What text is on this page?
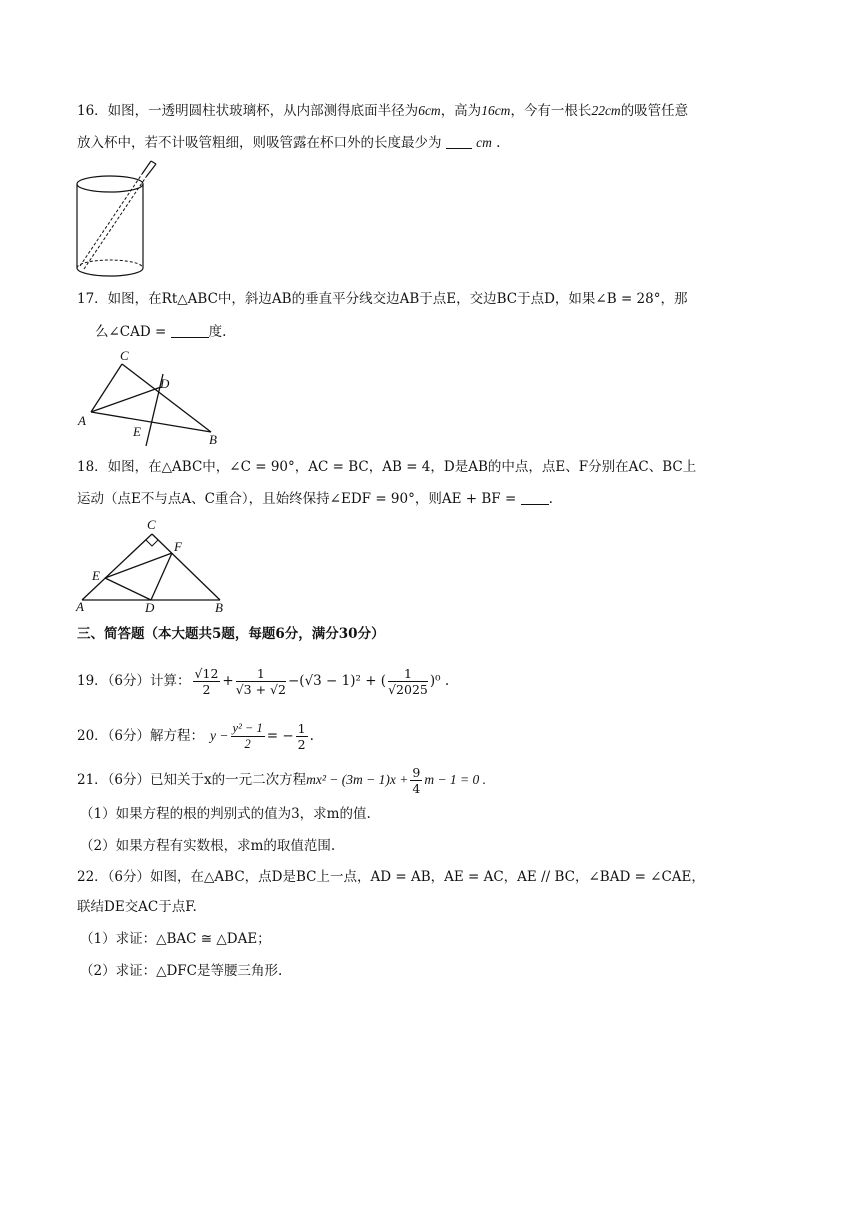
16．如图，一透明圆柱状玻璃杯，从内部测得底面半径为6cm，高为16cm，今有一根长22cm的吸管任意
放入杯中，若不计吸管粗细，则吸管露在杯口外的长度最少为	cm .
17．如图，在Rt△ABC中，斜边AB的垂直平分线交边AB于点E，交边BC于点D，如果∠B = 28°，那
么∠CAD =	度.
C
D
A
E
B
18．如图，在△ABC中，∠C = 90°，AC = BC，AB = 4，D是AB的中点，点E、F分别在AC、BC上
运动（点E不与点A、C重合），且始终保持∠EDF = 90°，则AE + BF = .
C
F
E
A	D	B
三、简答题（本大题共5题，每题6分，满分30分）
19．（6分）计算： $\frac{√12}{2} + \frac{1}{√3 + √2} -(√3 - 1)^2$ + ( $\frac{1}{√2025} )^0$ .
20．（6分）解方程： $y - \frac{\text{y² − 1}}{2}$ = − $\frac{1}{2}$ .
21．（6分）已知关于x的一元二次方程 $mx^2 - (3m - 1)x + \frac{9}{4}$ m − 1 = 0 .
（1）如果方程的根的判别式的值为3，求m的值.
（2）如果方程有实数根，求m的取值范围.
22．（6分）如图，在△ABC，点D是BC上一点，AD = AB，AE = AC，AE // BC，∠BAD = ∠CAE，
联结DE交AC于点F.
（1）求证：△BAC ≅ △DAE；
（2）求证：△DFC是等腰三角形.
